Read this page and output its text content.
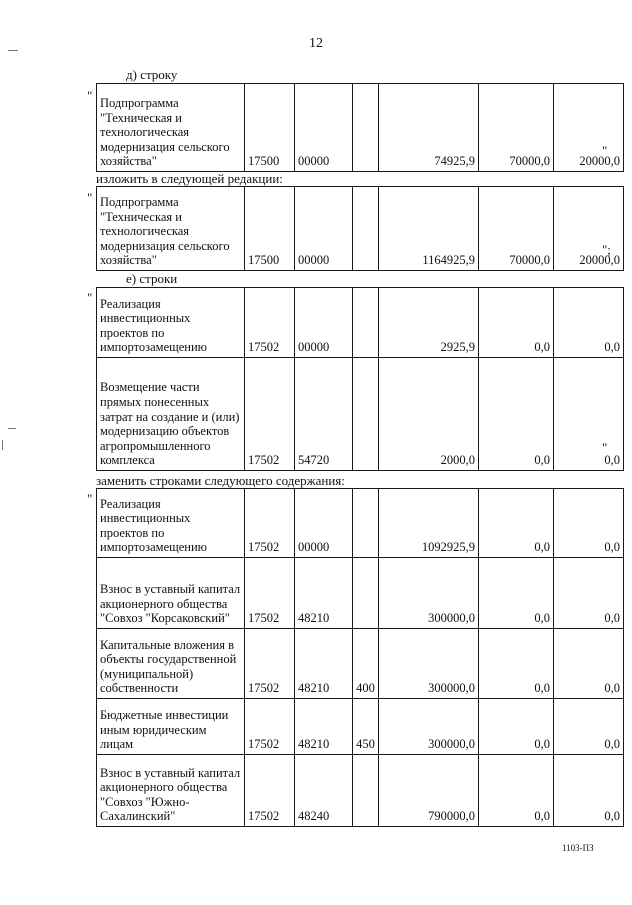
12
д) строку
"
Подпрограмма "Техническая и технологическая модернизация сельского хозяйства"	17500	00000		74925,9	70000,0	20000,0
"
изложить в следующей редакции:
" Подпрограмма "Техническая и технологическая модернизация сельского хозяйства"	17500	00000		1164925,9	70000,0	20000,0
";
е) строки
" Реализация инвестиционных проектов по импортозамещению	17502	00000		2925,9	0,0	0,0
Возмещение части прямых понесенных затрат на создание и (или) модернизацию объектов агропромышленного комплекса	17502	54720		2000,0	0,0	0,0
"
заменить строками следующего содержания:
" Реализация инвестиционных проектов по импортозамещению	17502	00000		1092925,9	0,0	0,0
Взнос в уставный капитал акционерного общества "Совхоз "Корсаковский"	17502	48210		300000,0	0,0	0,0
Капитальные вложения в объекты государственной (муниципальной) собственности	17502	48210	400	300000,0	0,0	0,0
Бюджетные инвестиции иным юридическим лицам	17502	48210	450	300000,0	0,0	0,0
Взнос в уставный капитал акционерного общества "Совхоз "Южно-Сахалинский"	17502	48240		790000,0	0,0	0,0
1103-ПЗ
